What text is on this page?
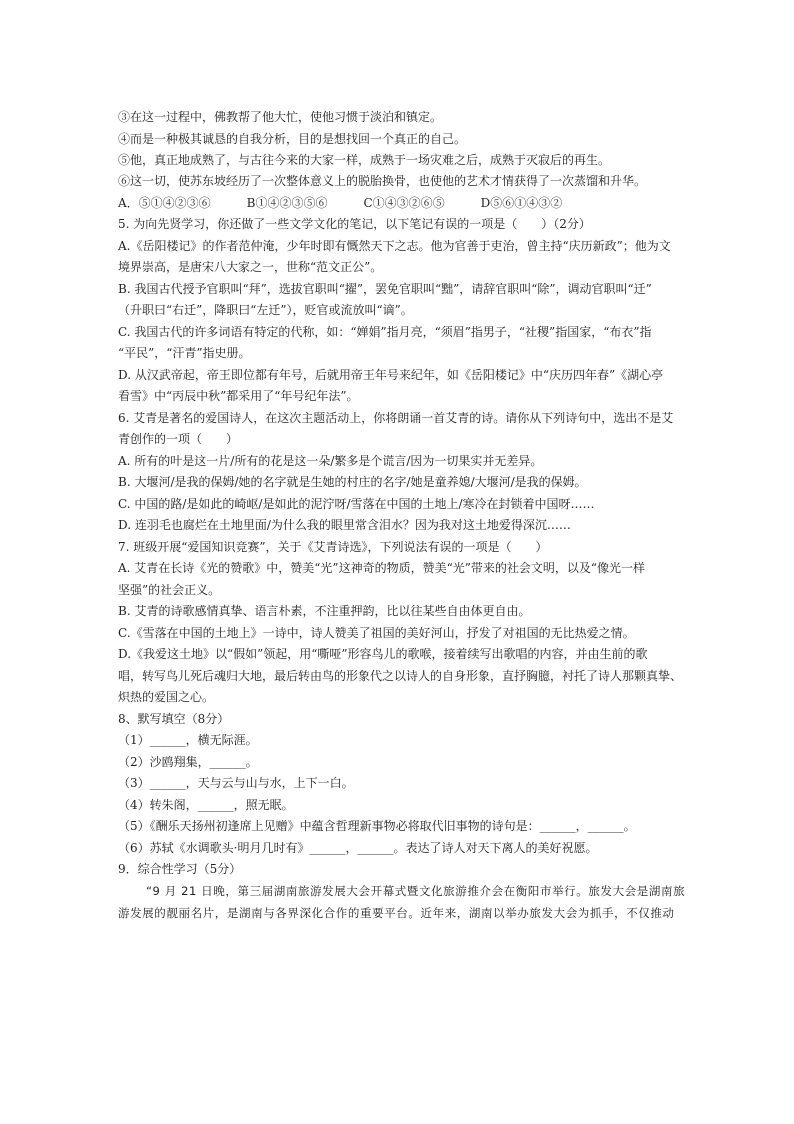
③在这一过程中，佛教帮了他大忙，使他习惯于淡泊和镇定。
④而是一种极其诚恳的自我分析，目的是想找回一个真正的自己。
⑤他，真正地成熟了，与古往今来的大家一样，成熟于一场灾难之后，成熟于灭寂后的再生。
⑥这一切，使苏东坡经历了一次整体意义上的脱胎换骨，也使他的艺术才情获得了一次蒸馏和升华。
A．⑤①④②③⑥　　　B①④②③⑤⑥　　　C①④③②⑥⑤　　　D⑤⑥①④③②
5. 为向先贤学习，你还做了一些文学文化的笔记，以下笔记有误的一项是（　　）（2分）
A.《岳阳楼记》的作者范仲淹，少年时即有慨然天下之志。他为官善于吏治，曾主持“庆历新政”；他为文
境界崇高，是唐宋八大家之一，世称“范文正公”。
B. 我国古代授予官职叫“拜”，选拔官职叫“擢”，罢免官职叫“黜”，请辞官职叫“除”，调动官职叫“迁”
（升职曰“右迁”，降职曰“左迁”），贬官或流放叫“谪”。
C. 我国古代的许多词语有特定的代称，如：“婵娟”指月亮，“须眉”指男子，“社稷”指国家，“布衣”指
“平民”，“汗青”指史册。
D. 从汉武帝起，帝王即位都有年号，后就用帝王年号来纪年，如《岳阳楼记》中“庆历四年春”《湖心亭
看雪》中“丙辰中秋”都采用了“年号纪年法”。
6. 艾青是著名的爱国诗人，在这次主题活动上，你将朗诵一首艾青的诗。请你从下列诗句中，选出不是艾
青创作的一项（　　）
A. 所有的叶是这一片/所有的花是这一朵/繁多是个谎言/因为一切果实并无差异。
B. 大堰河/是我的保姆/她的名字就是生她的村庄的名字/她是童养媳/大堰河/是我的保姆。
C. 中国的路/是如此的崎岖/是如此的泥泞呀/雪落在中国的土地上/寒冷在封锁着中国呀……
D. 连羽毛也腐烂在土地里面/为什么我的眼里常含泪水？因为我对这土地爱得深沉……
7. 班级开展“爱国知识竞赛”，关于《艾青诗选》，下列说法有误的一项是（　　）
A. 艾青在长诗《光的赞歌》中，赞美“光”这神奇的物质，赞美“光”带来的社会文明，以及“像光一样
坚强”的社会正义。
B. 艾青的诗歌感情真挚、语言朴素，不注重押韵，比以往某些自由体更自由。
C.《雪落在中国的土地上》一诗中，诗人赞美了祖国的美好河山，抒发了对祖国的无比热爱之情。
D.《我爱这土地》以“假如”领起，用“嘶哑”形容鸟儿的歌喉，接着续写出歌唱的内容，并由生前的歌
唱，转写鸟儿死后魂归大地，最后转由鸟的形象代之以诗人的自身形象，直抒胸臆，衬托了诗人那颗真挚、
炽热的爱国之心。
8、默写填空（8分）
（1）______，横无际涯。
（2）沙鸥翔集，______。
（3）______，天与云与山与水，上下一白。
（4）转朱阁，______，照无眠。
（5）《酬乐天扬州初逢席上见赠》中蕴含哲理新事物必将取代旧事物的诗句是：______，______。
（6）苏轼《水调歌头·明月几时有》______，______。表达了诗人对天下离人的美好祝愿。
9．综合性学习（5分）
“9 月 21 日晚，第三届湖南旅游发展大会开幕式暨文化旅游推介会在衡阳市举行。旅发大会是湖南旅
游发展的靓丽名片，是湖南与各界深化合作的重要平台。近年来，湖南以举办旅发大会为抓手，不仅推动
